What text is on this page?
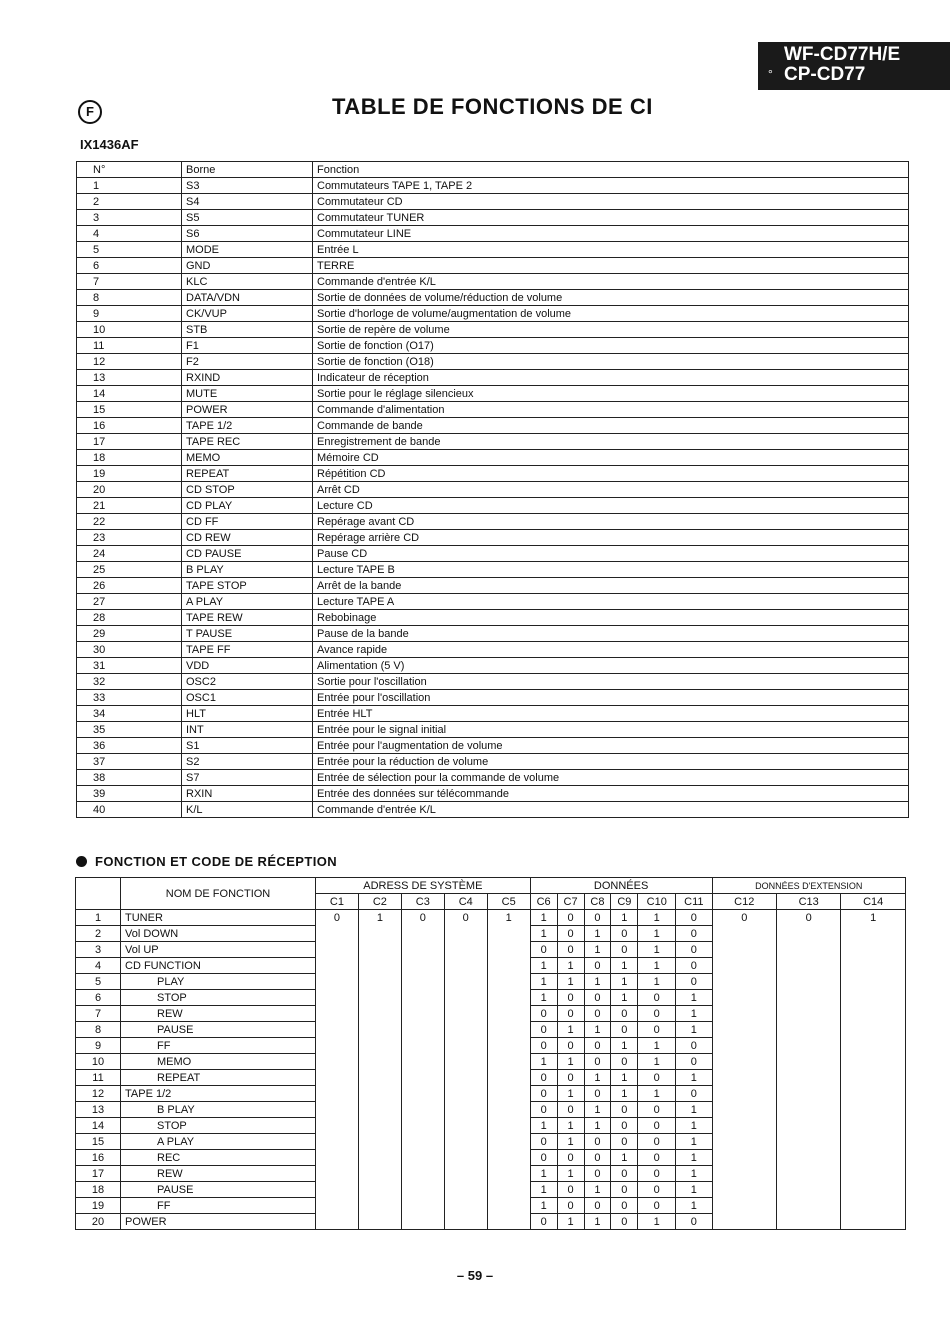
WF-CD77H/E
° CP-CD77
F	TABLE DE FONCTIONS DE CI
IX1436AF
N°	Borne	Fonction
1	S3	Commutateurs TAPE 1, TAPE 2
2	S4	Commutateur CD
3	S5	Commutateur TUNER
4	S6	Commutateur LINE
5	MODE	Entrée L
6	GND	TERRE
7	KLC	Commande d'entrée K/L
8	DATA/VDN	Sortie de données de volume/réduction de volume
9	CK/VUP	Sortie d'horloge de volume/augmentation de volume
10	STB	Sortie de repère de volume
11	F1	Sortie de fonction (O17)
12	F2	Sortie de fonction (O18)
13	RXIND	Indicateur de réception
14	MUTE	Sortie pour le réglage silencieux
15	POWER	Commande d'alimentation
16	TAPE 1/2	Commande de bande
17	TAPE REC	Enregistrement de bande
18	MEMO	Mémoire CD
19	REPEAT	Répétition CD
20	CD STOP	Arrêt CD
21	CD PLAY	Lecture CD
22	CD FF	Repérage avant CD
23	CD REW	Repérage arrière CD
24	CD PAUSE	Pause CD
25	B PLAY	Lecture TAPE B
26	TAPE STOP	Arrêt de la bande
27	A PLAY	Lecture TAPE A
28	TAPE REW	Rebobinage
29	T PAUSE	Pause de la bande
30	TAPE FF	Avance rapide
31	VDD	Alimentation (5 V)
32	OSC2	Sortie pour l'oscillation
33	OSC1	Entrée pour l'oscillation
34	HLT	Entrée HLT
35	INT	Entrée pour le signal initial
36	S1	Entrée pour l'augmentation de volume
37	S2	Entrée pour la réduction de volume
38	S7	Entrée de sélection pour la commande de volume
39	RXIN	Entrée des données sur télécommande
40	K/L	Commande d'entrée K/L
FONCTION ET CODE DE RÉCEPTION
	NOM DE FONCTION	ADRESS DE SYSTÈME					DONNÉES						DONNÉES D'EXTENSION		
		C1	C2	C3	C4	C5	C6	C7	C8	C9	C10	C11	C12	C13	C14
1	TUNER	0	1	0	0	1	1	0	0	1	1	0	0	0	1
2	Vol DOWN						1	0	1	0	1	0			
3	Vol UP						0	0	1	0	1	0			
4	CD FUNCTION						1	1	0	1	1	0			
5	PLAY						1	1	1	1	1	0			
6	STOP						1	0	0	1	0	1			
7	REW						0	0	0	0	0	1			
8	PAUSE						0	1	1	0	0	1			
9	FF						0	0	0	1	1	0			
10	MEMO						1	1	0	0	1	0			
11	REPEAT						0	0	1	1	0	1			
12	TAPE 1/2						0	1	0	1	1	0			
13	B PLAY						0	0	1	0	0	1			
14	STOP						1	1	1	0	0	1			
15	A PLAY						0	1	0	0	0	1			
16	REC						0	0	0	1	0	1			
17	REW						1	1	0	0	0	1			
18	PAUSE						1	0	1	0	0	1			
19	FF						1	0	0	0	0	1			
20	POWER						0	1	1	0	1	0			
– 59 –
